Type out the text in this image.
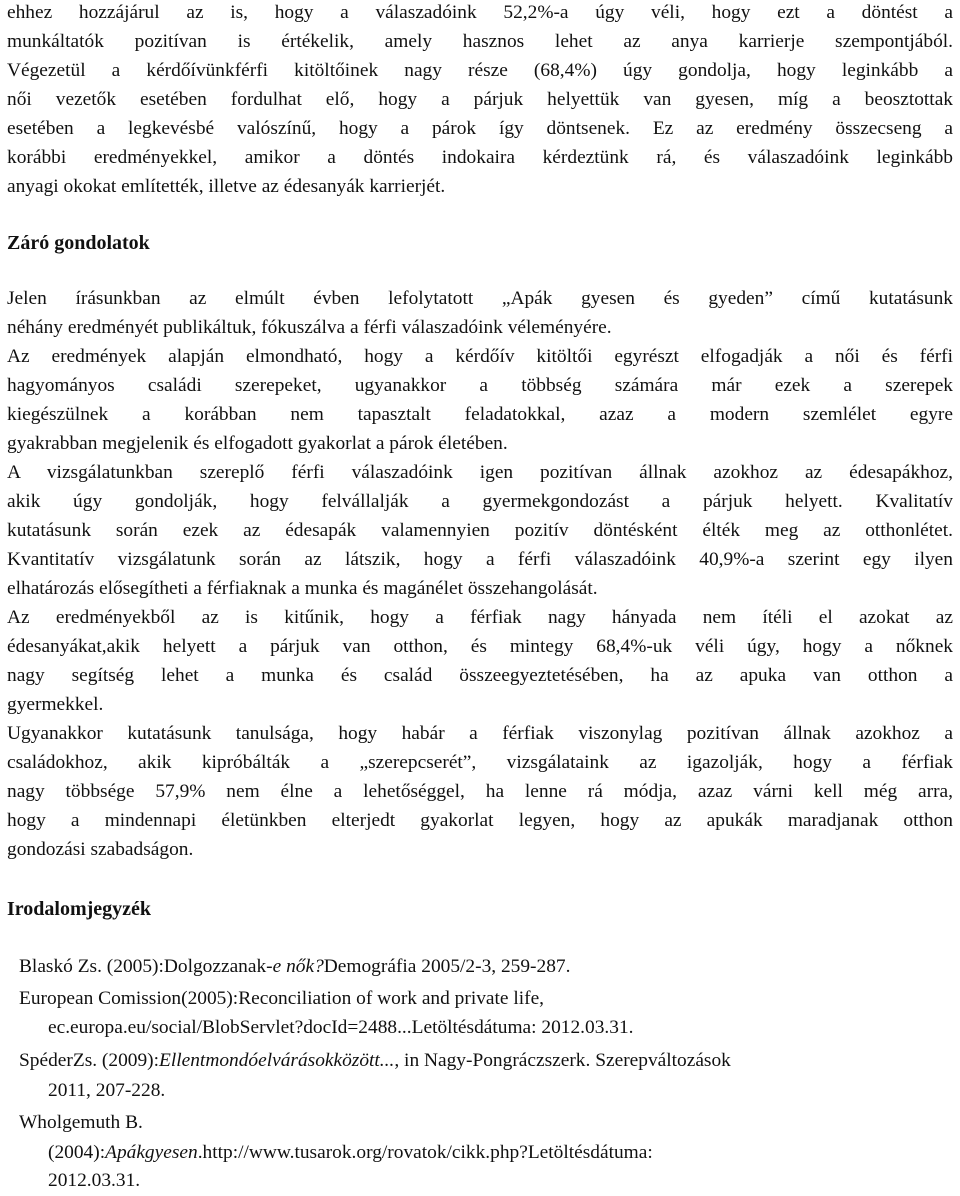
ehhez hozzájárul az is, hogy a válaszadóink 52,2%-a úgy véli, hogy ezt a döntést a
munkáltatók pozitívan is értékelik, amely hasznos lehet az anya karrierje szempontjából.
Végezetül a kérdőívünkférfi kitöltőinek nagy része (68,4%) úgy gondolja, hogy leginkább a
női vezetők esetében fordulhat elő, hogy a párjuk helyettük van gyesen, míg a beosztottak
esetében a legkevésbé valószínű, hogy a párok így döntsenek. Ez az eredmény összecseng a
korábbi eredményekkel, amikor a döntés indokaira kérdeztünk rá, és válaszadóink leginkább
anyagi okokat említették, illetve az édesanyák karrierjét.
Záró gondolatok
Jelen írásunkban az elmúlt évben lefolytatott „Apák gyesen és gyeden” című kutatásunk
néhány eredményét publikáltuk, fókuszálva a férfi válaszadóink véleményére.
Az eredmények alapján elmondható, hogy a kérdőív kitöltői egyrészt elfogadják a női és férfi
hagyományos családi szerepeket, ugyanakkor a többség számára már ezek a szerepek
kiegészülnek a korábban nem tapasztalt feladatokkal, azaz a modern szemlélet egyre
gyakrabban megjelenik és elfogadott gyakorlat a párok életében.
A vizsgálatunkban szereplő férfi válaszadóink igen pozitívan állnak azokhoz az édesapákhoz,
akik úgy gondolják, hogy felvállalják a gyermekgondozást a párjuk helyett. Kvalitatív
kutatásunk során ezek az édesapák valamennyien pozitív döntésként élték meg az otthonlétet.
Kvantitatív vizsgálatunk során az látszik, hogy a férfi válaszadóink 40,9%-a szerint egy ilyen
elhatározás elősegítheti a férfiaknak a munka és magánélet összehangolását.
Az eredményekből az is kitűnik, hogy a férfiak nagy hányada nem ítéli el azokat az
édesanyákat,akik helyett a párjuk van otthon, és mintegy 68,4%-uk véli úgy, hogy a nőknek
nagy segítség lehet a munka és család összeegyeztetésében, ha az apuka van otthon a
gyermekkel.
Ugyanakkor kutatásunk tanulsága, hogy habár a férfiak viszonylag pozitívan állnak azokhoz a
családokhoz, akik kipróbálták a „szerepcserét”, vizsgálataink az igazolják, hogy a férfiak
nagy többsége 57,9% nem élne a lehetőséggel, ha lenne rá módja, azaz várni kell még arra,
hogy a mindennapi életünkben elterjedt gyakorlat legyen, hogy az apukák maradjanak otthon
gondozási szabadságon.
Irodalomjegyzék
Blaskó Zs. (2005):Dolgozzanak-e nők?Demográfia 2005/2-3, 259-287.
European Comission(2005):Reconciliation of work and private life,
ec.europa.eu/social/BlobServlet?docId=2488...Letöltésdátuma: 2012.03.31.
SpéderZs. (2009):Ellentmondóelvárásokközött..., in Nagy-Pongráczszerk. Szerepváltozások
2011, 207-228.
Wholgemuth B.
(2004):Apákgyesen.http://www.tusarok.org/rovatok/cikk.php?Letöltésdátuma:
2012.03.31.
